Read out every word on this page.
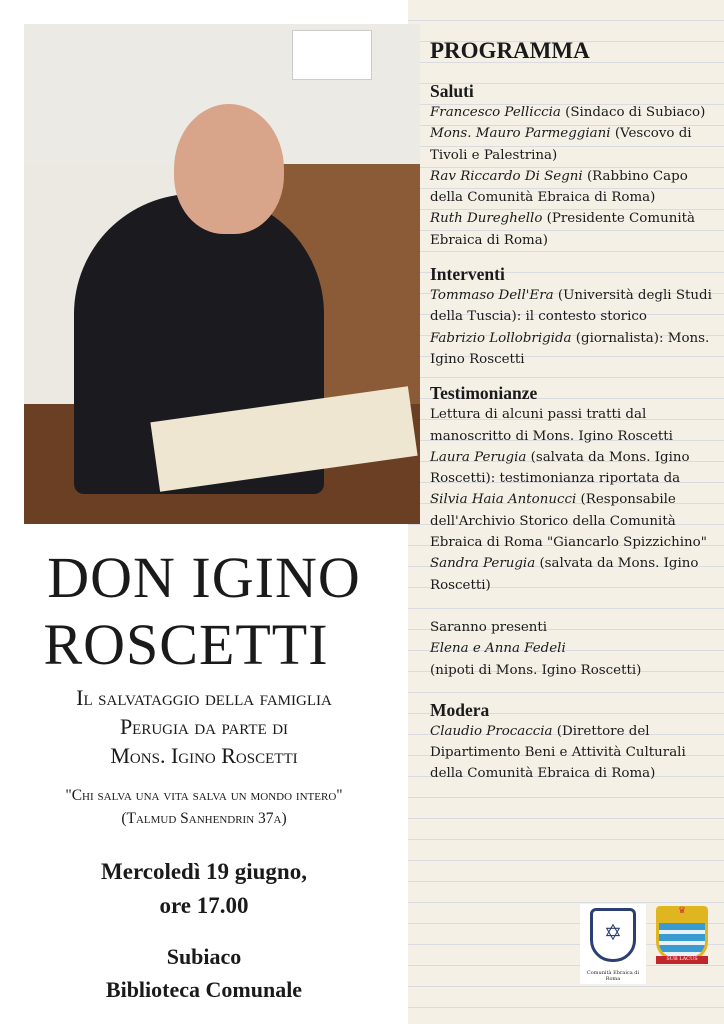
DON IGINO
ROSCETTI
Il salvataggio della famiglia
Perugia da parte di
Mons. Igino Roscetti
"Chi salva una vita salva un mondo intero" (Talmud Sanhendrin 37a)
Mercoledì 19 giugno,
ore 17.00
Subiaco
Biblioteca Comunale
PROGRAMMA
Saluti
Francesco Pelliccia (Sindaco di Subiaco)
Mons. Mauro Parmeggiani (Vescovo di Tivoli e Palestrina)
Rav Riccardo Di Segni (Rabbino Capo della Comunità Ebraica di Roma)
Ruth Dureghello (Presidente Comunità Ebraica di Roma)
Interventi
Tommaso Dell'Era (Università degli Studi della Tuscia): il contesto storico
Fabrizio Lollobrigida (giornalista): Mons. Igino Roscetti
Testimonianze
Lettura di alcuni passi tratti dal manoscritto di Mons. Igino Roscetti
Laura Perugia (salvata da Mons. Igino Roscetti): testimonianza riportata da Silvia Haia Antonucci (Responsabile dell'Archivio Storico della Comunità Ebraica di Roma "Giancarlo Spizzichino"
Sandra Perugia (salvata da Mons. Igino Roscetti)
Saranno presenti
Elena e Anna Fedeli
(nipoti di Mons. Igino Roscetti)
Modera
Claudio Procaccia (Direttore del Dipartimento Beni e Attività Culturali della Comunità Ebraica di Roma)
✡
Comunità Ebraica di Roma
♛
SUB LACUS
